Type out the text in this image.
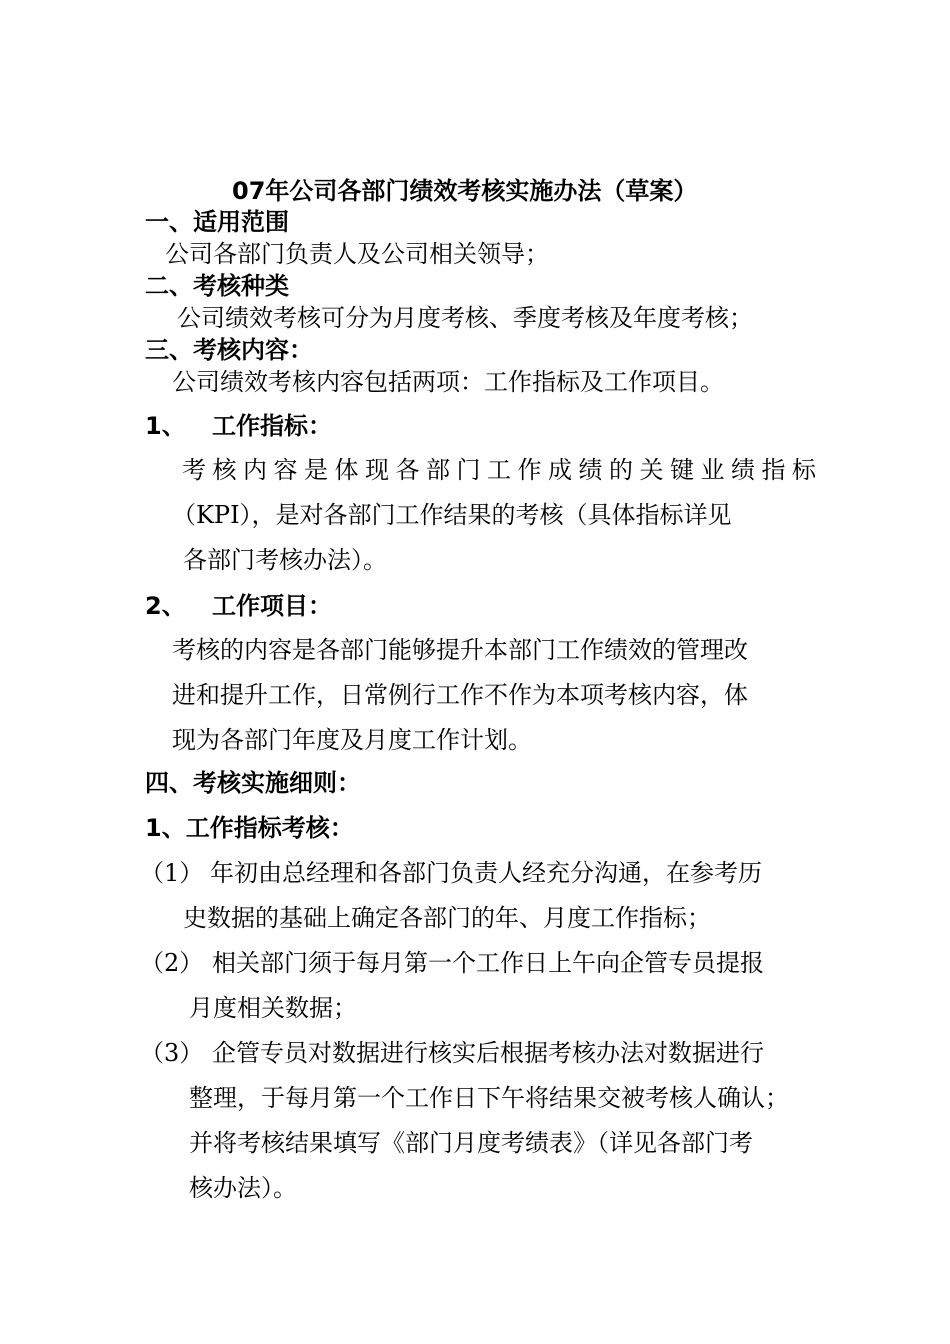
07年公司各部门绩效考核实施办法（草案）
一、适用范围
公司各部门负责人及公司相关领导；
二、考核种类
公司绩效考核可分为月度考核、季度考核及年度考核；
三、考核内容：
公司绩效考核内容包括两项：工作指标及工作项目。
1、 工作指标：
考核内容是体现各部门工作成绩的关键业绩指标
（KPI），是对各部门工作结果的考核（具体指标详见
各部门考核办法）。
2、 工作项目：
考核的内容是各部门能够提升本部门工作绩效的管理改
进和提升工作，日常例行工作不作为本项考核内容，体
现为各部门年度及月度工作计划。
四、考核实施细则：
1、工作指标考核：
（1） 年初由总经理和各部门负责人经充分沟通，在参考历
史数据的基础上确定各部门的年、月度工作指标；
（2） 相关部门须于每月第一个工作日上午向企管专员提报
月度相关数据；
（3） 企管专员对数据进行核实后根据考核办法对数据进行
整理，于每月第一个工作日下午将结果交被考核人确认；
并将考核结果填写《部门月度考绩表》（详见各部门考
核办法）。
